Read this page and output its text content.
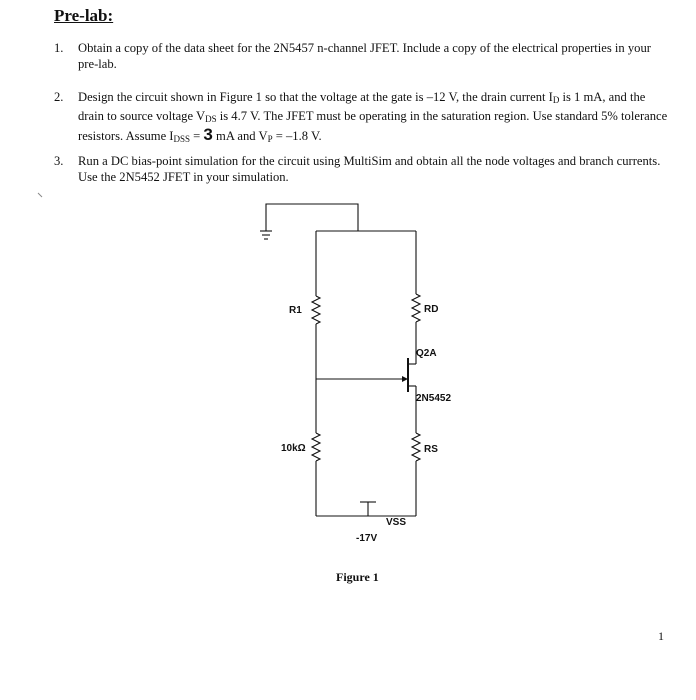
Pre-lab:
1.	Obtain a copy of the data sheet for the 2N5457 n-channel JFET. Include a copy of the electrical properties in your pre-lab.
2.	Design the circuit shown in Figure 1 so that the voltage at the gate is –12 V, the drain current $I_D$ is 1 mA, and the drain to source voltage $V_{DS}$ is 4.7 V. The JFET must be operating in the saturation region. Use standard 5% tolerance resistors. Assume $I_{DSS} = 3$ mA and $V_P = -1.8$ V.
3.	Run a DC bias-point simulation for the circuit using MultiSim and obtain all the node voltages and branch currents. Use the 2N5452 JFET in your simulation.
R1
10kΩ
RD
RS
Q2A
2N5452
VSS
-17V
Figure 1
1
